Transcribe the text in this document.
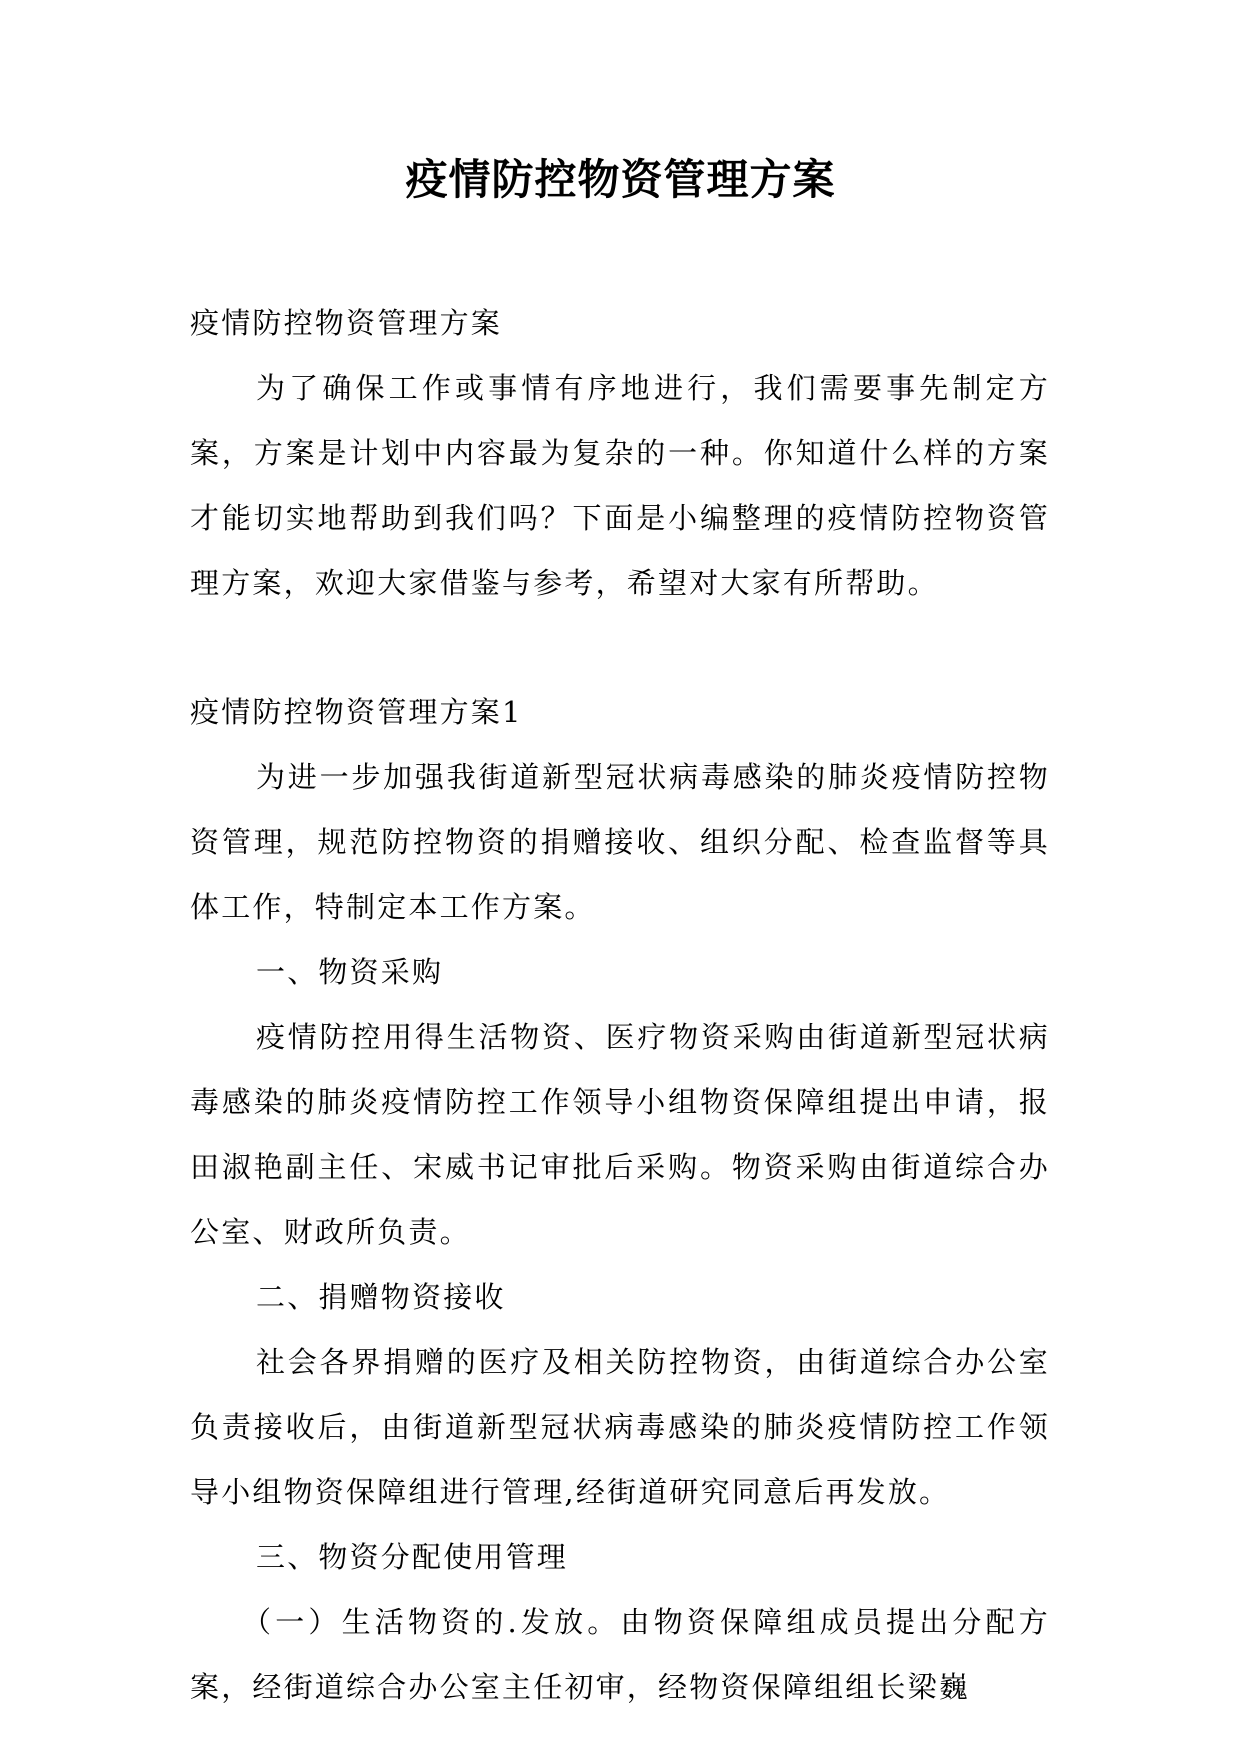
疫情防控物资管理方案

疫情防控物资管理方案

为了确保工作或事情有序地进行，我们需要事先制定方案，方案是计划中内容最为复杂的一种。你知道什么样的方案才能切实地帮助到我们吗？下面是小编整理的疫情防控物资管理方案，欢迎大家借鉴与参考，希望对大家有所帮助。

疫情防控物资管理方案1

为进一步加强我街道新型冠状病毒感染的肺炎疫情防控物资管理，规范防控物资的捐赠接收、组织分配、检查监督等具体工作，特制定本工作方案。

一、物资采购

疫情防控用得生活物资、医疗物资采购由街道新型冠状病毒感染的肺炎疫情防控工作领导小组物资保障组提出申请，报田淑艳副主任、宋威书记审批后采购。物资采购由街道综合办公室、财政所负责。

二、捐赠物资接收

社会各界捐赠的医疗及相关防控物资，由街道综合办公室负责接收后，由街道新型冠状病毒感染的肺炎疫情防控工作领导小组物资保障组进行管理,经街道研究同意后再发放。

三、物资分配使用管理

（一）生活物资的.发放。由物资保障组成员提出分配方案，经街道综合办公室主任初审，经物资保障组组长梁巍
